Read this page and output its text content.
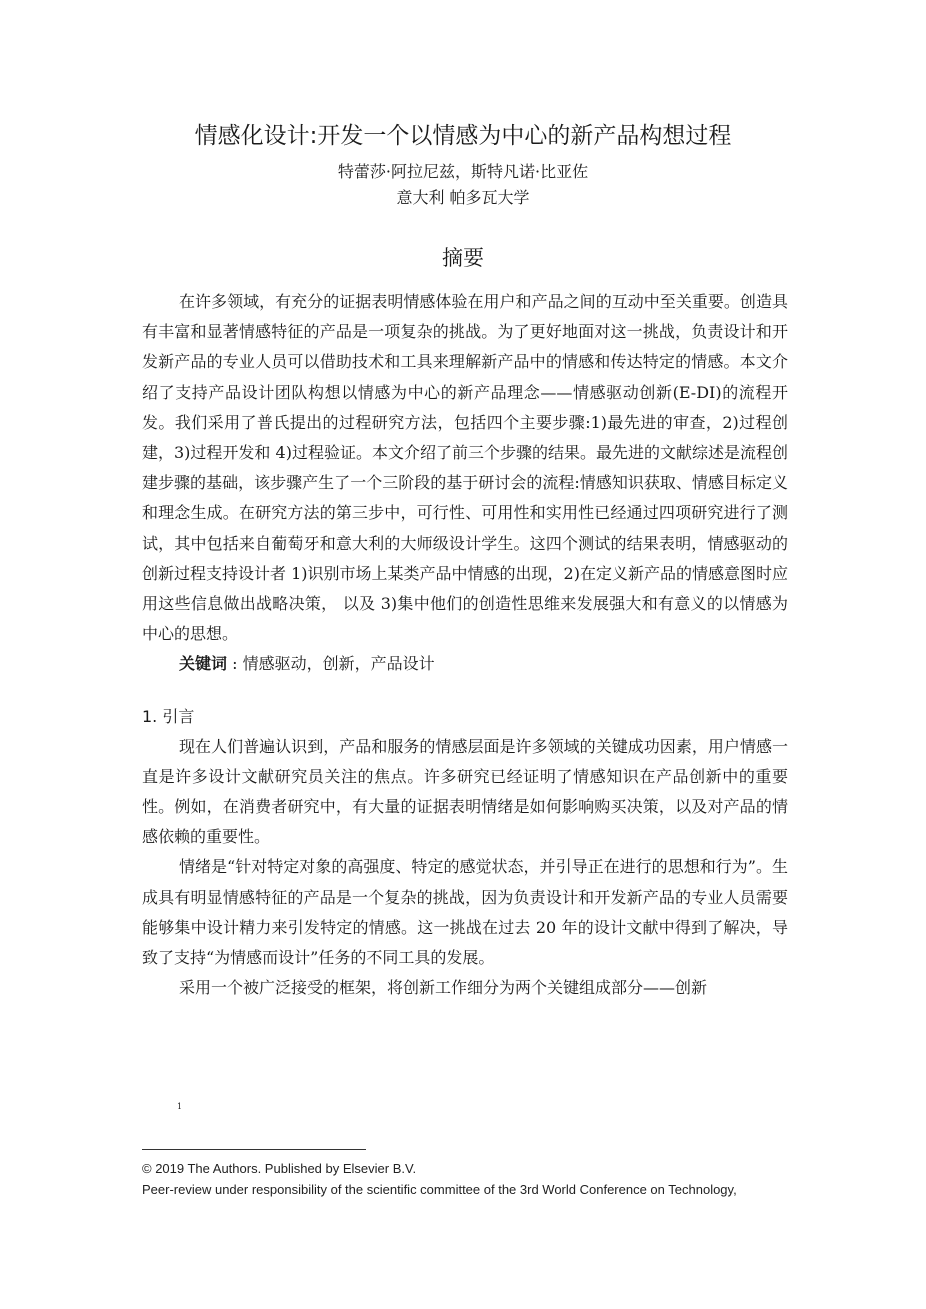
情感化设计:开发一个以情感为中心的新产品构想过程
特蕾莎·阿拉尼兹，斯特凡诺·比亚佐
意大利 帕多瓦大学
摘要

在许多领域，有充分的证据表明情感体验在用户和产品之间的互动中至关重要。创造具有丰富和显著情感特征的产品是一项复杂的挑战。为了更好地面对这一挑战，负责设计和开发新产品的专业人员可以借助技术和工具来理解新产品中的情感和传达特定的情感。本文介绍了支持产品设计团队构想以情感为中心的新产品理念——情感驱动创新(E-DI)的流程开发。我们采用了普氏提出的过程研究方法，包括四个主要步骤:1)最先进的审查，2)过程创建，3)过程开发和 4)过程验证。本文介绍了前三个步骤的结果。最先进的文献综述是流程创建步骤的基础，该步骤产生了一个三阶段的基于研讨会的流程:情感知识获取、情感目标定义和理念生成。在研究方法的第三步中，可行性、可用性和实用性已经通过四项研究进行了测试，其中包括来自葡萄牙和意大利的大师级设计学生。这四个测试的结果表明，情感驱动的创新过程支持设计者 1)识别市场上某类产品中情感的出现，2)在定义新产品的情感意图时应用这些信息做出战略决策， 以及 3)集中他们的创造性思维来发展强大和有意义的以情感为中心的思想。

关键词 : 情感驱动，创新，产品设计

1. 引言

现在人们普遍认识到，产品和服务的情感层面是许多领域的关键成功因素，用户情感一直是许多设计文献研究员关注的焦点。许多研究已经证明了情感知识在产品创新中的重要性。例如，在消费者研究中，有大量的证据表明情绪是如何影响购买决策，以及对产品的情感依赖的重要性。

情绪是“针对特定对象的高强度、特定的感觉状态，并引导正在进行的思想和行为”。生成具有明显情感特征的产品是一个复杂的挑战，因为负责设计和开发新产品的专业人员需要能够集中设计精力来引发特定的情感。这一挑战在过去 20 年的设计文献中得到了解决，导致了支持“为情感而设计”任务的不同工具的发展。

采用一个被广泛接受的框架，将创新工作细分为两个关键组成部分——创新

1
© 2019 The Authors. Published by Elsevier B.V.
Peer-review under responsibility of the scientific committee of the 3rd World Conference on Technology,
